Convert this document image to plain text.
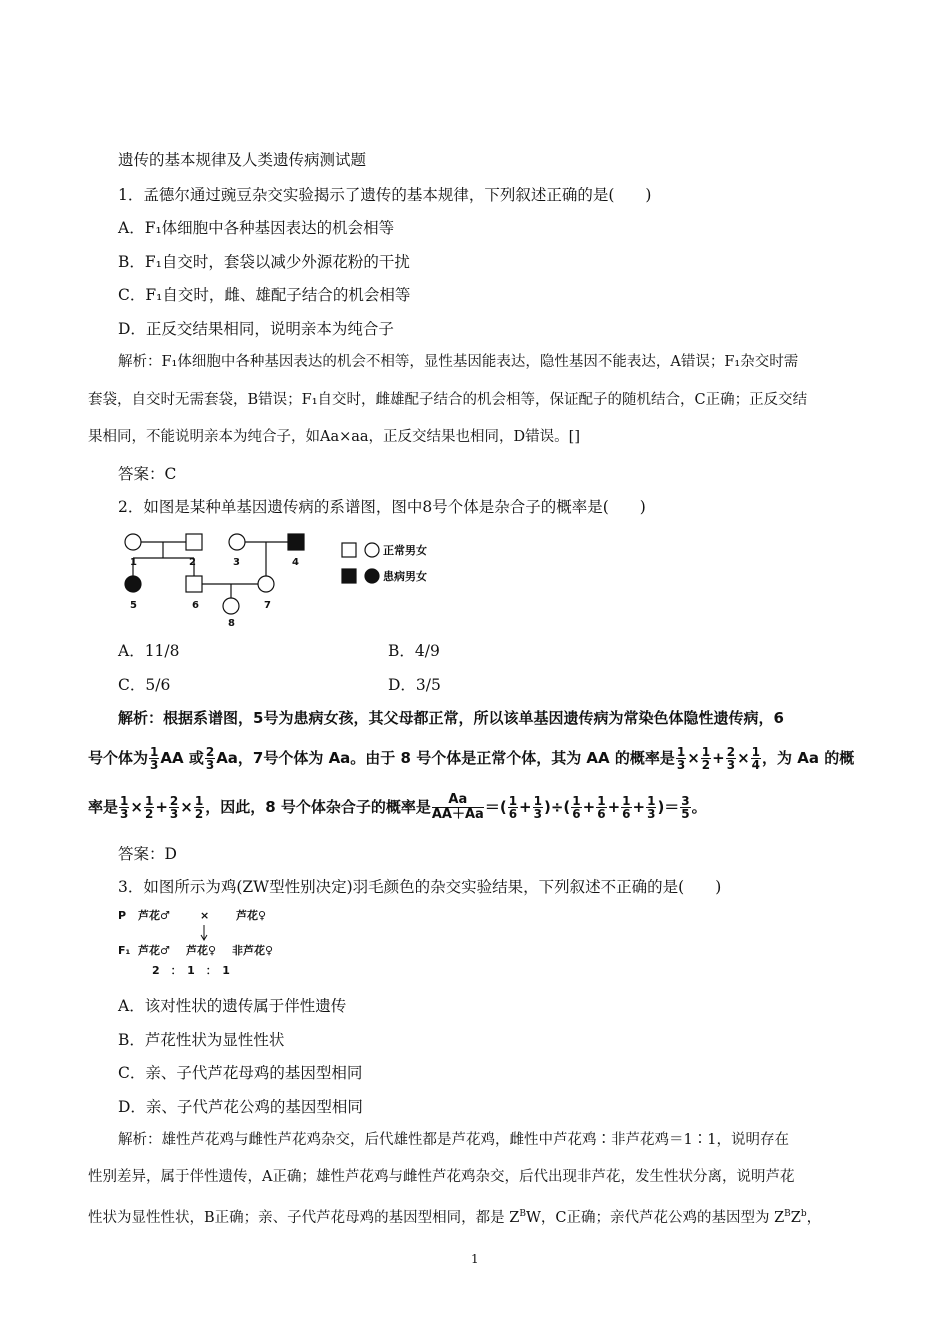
遗传的基本规律及人类遗传病测试题
1．孟德尔通过豌豆杂交实验揭示了遗传的基本规律，下列叙述正确的是(　　)
A．F₁体细胞中各种基因表达的机会相等
B．F₁自交时，套袋以减少外源花粉的干扰
C．F₁自交时，雌、雄配子结合的机会相等
D．正反交结果相同，说明亲本为纯合子
解析：F₁体细胞中各种基因表达的机会不相等，显性基因能表达，隐性基因不能表达，A错误；F₁杂交时需
套袋，自交时无需套袋，B错误；F₁自交时，雌雄配子结合的机会相等，保证配子的随机结合，C正确；正反交结
果相同，不能说明亲本为纯合子，如Aa×aa，正反交结果也相同，D错误。[]
答案：C
2．如图是某种单基因遗传病的系谱图，图中8号个体是杂合子的概率是(　　)
1	2	3	4
5	6	7
8
正常男女
患病男女
A．11/8	B．4/9
C．5/6	D．3/5
解析：根据系谱图，5号为患病女孩，其父母都正常，所以该单基因遗传病为常染色体隐性遗传病，6
号个体为 $\frac{1}{3}$ AA 或 $\frac{2}{3}$ Aa，7号个体为 Aa。由于 8 号个体是正常个体，其为 AA 的概率是 $\frac{1}{3} \times \frac{1}{2} + \frac{2}{3} \times \frac{1}{4}$ ，为 Aa 的概
率是 $\frac{1}{3} \times \frac{1}{2} + \frac{2}{3} \times \frac{1}{2}$ ，因此，8 号个体杂合子的概率是 $\frac{Aa}{AA+Aa}$ ＝( $\frac{1}{6} + \frac{1}{3}$ )÷( $\frac{1}{6} + \frac{1}{6} + \frac{1}{6} + \frac{1}{3}$ )＝ $\frac{3}{5}$ 。
答案：D
3．如图所示为鸡(ZW型性别决定)羽毛颜色的杂交实验结果，下列叙述不正确的是(　　)
P 芦花♂	× 芦花♀
F₁ 芦花♂ 芦花♀ 非芦花♀
2　：　1　：　1
A．该对性状的遗传属于伴性遗传
B．芦花性状为显性性状
C．亲、子代芦花母鸡的基因型相同
D．亲、子代芦花公鸡的基因型相同
解析：雄性芦花鸡与雌性芦花鸡杂交，后代雄性都是芦花鸡，雌性中芦花鸡∶非芦花鸡＝1∶1，说明存在
性别差异，属于伴性遗传，A正确；雄性芦花鸡与雌性芦花鸡杂交，后代出现非芦花，发生性状分离，说明芦花
性状为显性性状，B正确；亲、子代芦花母鸡的基因型相同，都是 $Z^BW$，C正确；亲代芦花公鸡的基因型为 $Z^BZ^b$，
1
